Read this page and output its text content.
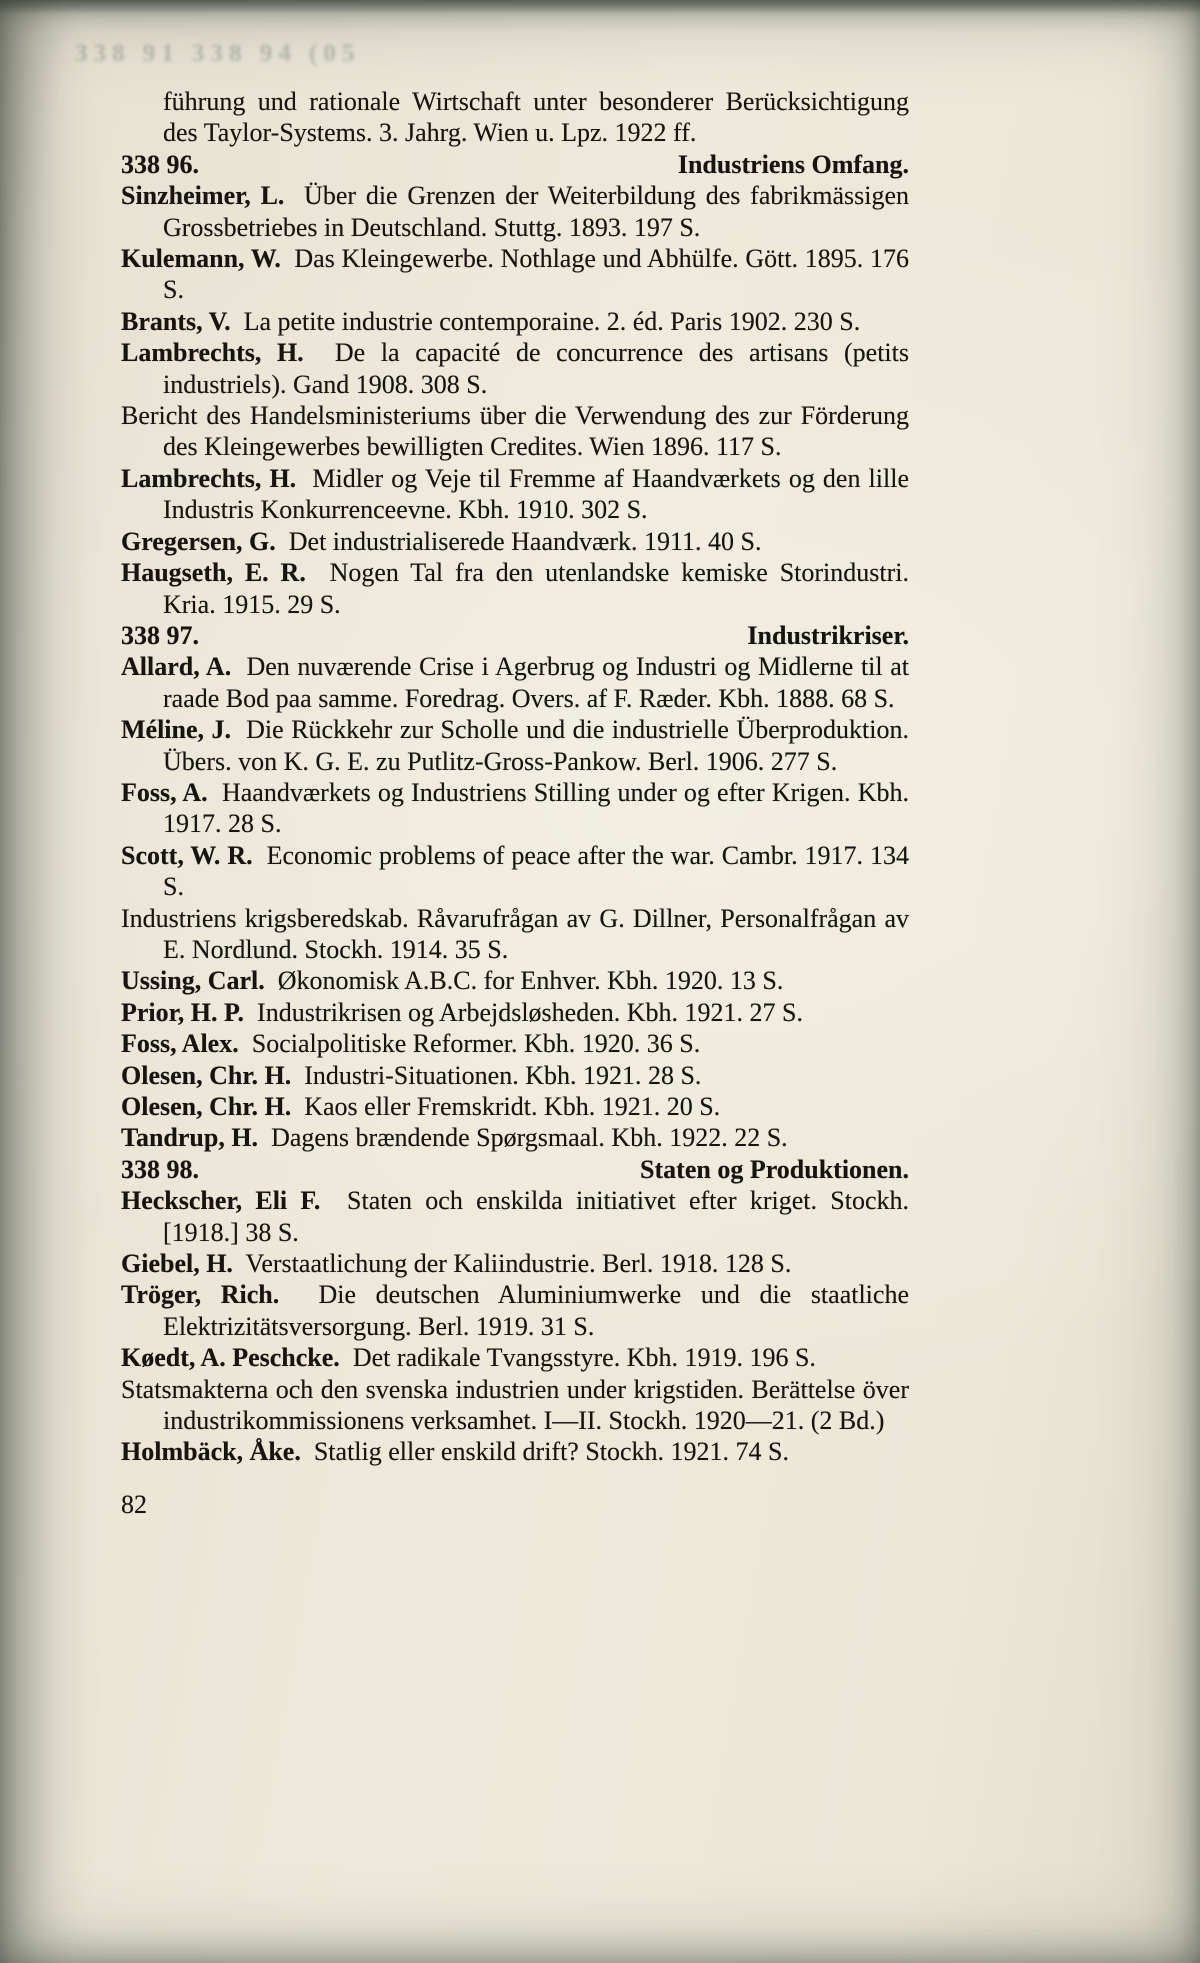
338 91 338 94 (05

führung und rationale Wirtschaft unter besonderer Berücksichtigung des Taylor-Systems. 3. Jahrg. Wien u. Lpz. 1922 ff.

338 96.	Industriens Omfang.

Sinzheimer, L. Über die Grenzen der Weiterbildung des fabrikmässigen Grossbetriebes in Deutschland. Stuttg. 1893. 197 S.

Kulemann, W. Das Kleingewerbe. Nothlage und Abhülfe. Gött. 1895. 176 S.

Brants, V. La petite industrie contemporaine. 2. éd. Paris 1902. 230 S.

Lambrechts, H. De la capacité de concurrence des artisans (petits industriels). Gand 1908. 308 S.

Bericht des Handelsministeriums über die Verwendung des zur Förderung des Kleingewerbes bewilligten Credites. Wien 1896. 117 S.

Lambrechts, H. Midler og Veje til Fremme af Haandværkets og den lille Industris Konkurrenceevne. Kbh. 1910. 302 S.

Gregersen, G. Det industrialiserede Haandværk. 1911. 40 S.

Haugseth, E. R. Nogen Tal fra den utenlandske kemiske Storindustri. Kria. 1915. 29 S.

338 97.	Industrikriser.

Allard, A. Den nuværende Crise i Agerbrug og Industri og Midlerne til at raade Bod paa samme. Foredrag. Overs. af F. Ræder. Kbh. 1888. 68 S.

Méline, J. Die Rückkehr zur Scholle und die industrielle Überproduktion. Übers. von K. G. E. zu Putlitz-Gross-Pankow. Berl. 1906. 277 S.

Foss, A. Haandværkets og Industriens Stilling under og efter Krigen. Kbh. 1917. 28 S.

Scott, W. R. Economic problems of peace after the war. Cambr. 1917. 134 S.

Industriens krigsberedskab. Råvarufrågan av G. Dillner, Personalfrågan av E. Nordlund. Stockh. 1914. 35 S.

Ussing, Carl. Økonomisk A.B.C. for Enhver. Kbh. 1920. 13 S.

Prior, H. P. Industrikrisen og Arbejdsløsheden. Kbh. 1921. 27 S.

Foss, Alex. Socialpolitiske Reformer. Kbh. 1920. 36 S.

Olesen, Chr. H. Industri-Situationen. Kbh. 1921. 28 S.

Olesen, Chr. H. Kaos eller Fremskridt. Kbh. 1921. 20 S.

Tandrup, H. Dagens brændende Spørgsmaal. Kbh. 1922. 22 S.

338 98.	Staten og Produktionen.

Heckscher, Eli F. Staten och enskilda initiativet efter kriget. Stockh. [1918.] 38 S.

Giebel, H. Verstaatlichung der Kaliindustrie. Berl. 1918. 128 S.

Tröger, Rich. Die deutschen Aluminiumwerke und die staatliche Elektrizitätsversorgung. Berl. 1919. 31 S.

Køedt, A. Peschcke. Det radikale Tvangsstyre. Kbh. 1919. 196 S.

Statsmakterna och den svenska industrien under krigstiden. Berättelse över industrikommissionens verksamhet. I—II. Stockh. 1920—21. (2 Bd.)

Holmbäck, Åke. Statlig eller enskild drift? Stockh. 1921. 74 S.

82
